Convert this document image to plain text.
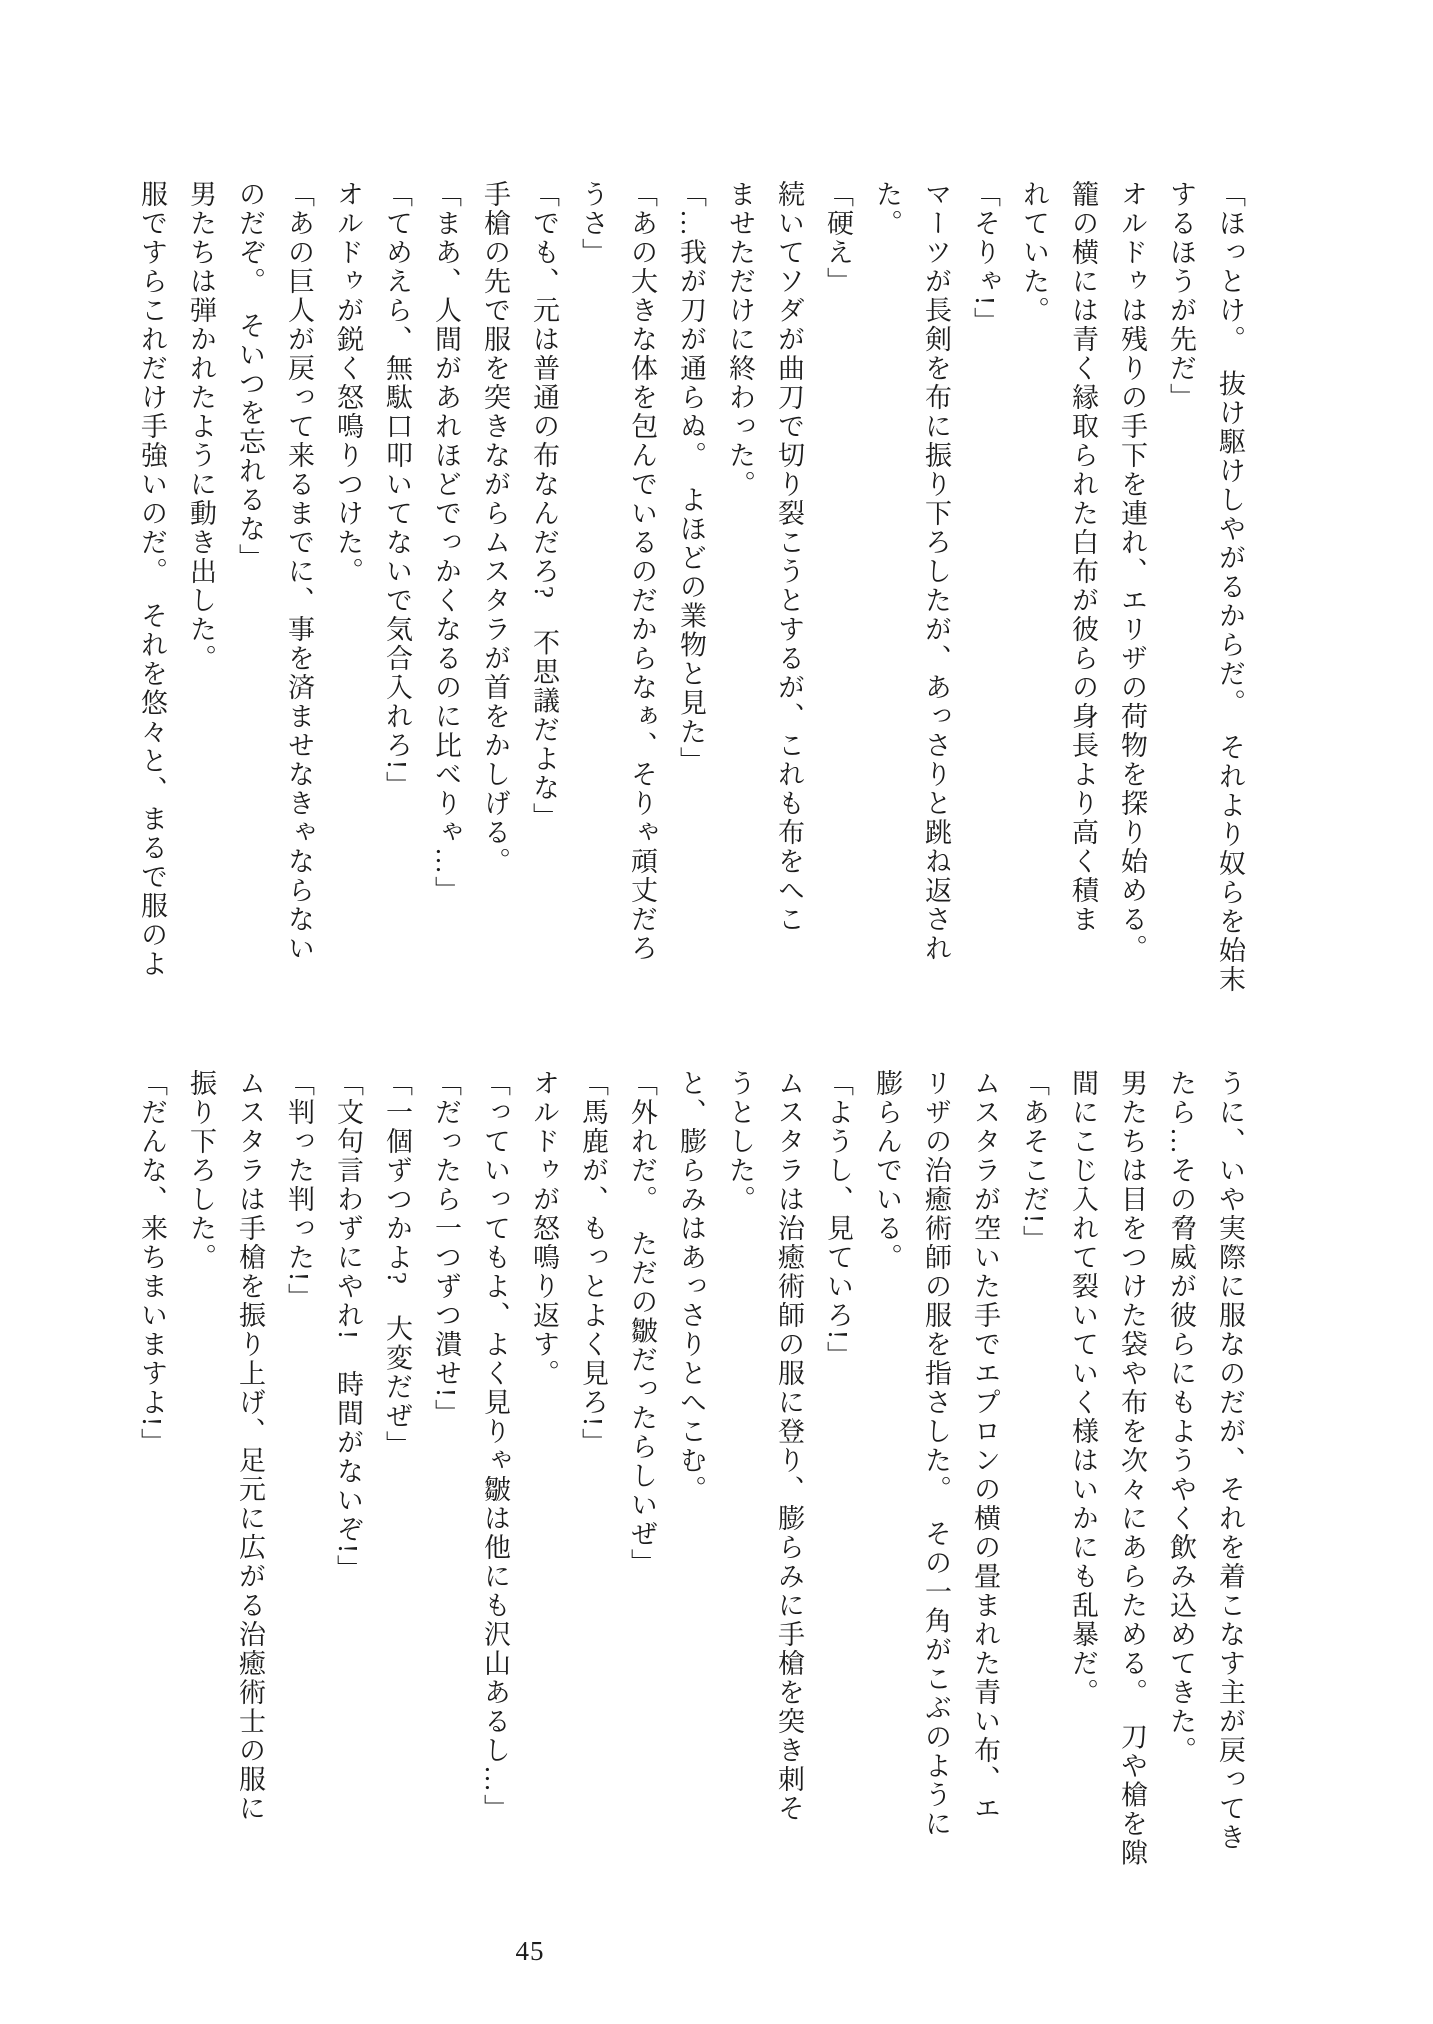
「ほっとけ。　抜け駆けしやがるからだ。　それより奴らを始末

するほうが先だ」

オルドゥは残りの手下を連れ、エリザの荷物を探り始める。

籠の横には青く縁取られた白布が彼らの身長より高く積ま

れていた。

「そりゃ!」

マーツが長剣を布に振り下ろしたが、あっさりと跳ね返され

た。

「硬え」

続いてソダが曲刀で切り裂こうとするが、これも布をへこ

ませただけに終わった。

「…我が刀が通らぬ。　よほどの業物と見た」

「あの大きな体を包んでいるのだからなぁ、そりゃ頑丈だろ

うさ」

「でも、元は普通の布なんだろ?　不思議だよな」

手槍の先で服を突きながらムスタラが首をかしげる。

「まあ、人間があれほどでっかくなるのに比べりゃ…」

「てめえら、無駄口叩いてないで気合入れろ!」

オルドゥが鋭く怒鳴りつけた。

「あの巨人が戻って来るまでに、事を済ませなきゃならない

のだぞ。　そいつを忘れるな」

男たちは弾かれたように動き出した。

服ですらこれだけ手強いのだ。　それを悠々と、まるで服のよ

うに、いや実際に服なのだが、それを着こなす主が戻ってき

たら…その脅威が彼らにもようやく飲み込めてきた。

男たちは目をつけた袋や布を次々にあらためる。　刀や槍を隙

間にこじ入れて裂いていく様はいかにも乱暴だ。

「あそこだ!」

ムスタラが空いた手でエプロンの横の畳まれた青い布、エ

リザの治癒術師の服を指さした。　その一角がこぶのように

膨らんでいる。

「ようし、見ていろ!」

ムスタラは治癒術師の服に登り、膨らみに手槍を突き刺そ

うとした。

と、膨らみはあっさりとへこむ。

「外れだ。　ただの皺だったらしいぜ」

「馬鹿が、もっとよく見ろ!」

オルドゥが怒鳴り返す。

「っていってもよ、よく見りゃ皺は他にも沢山あるし…」

「だったら一つずつ潰せ!」

「一個ずつかよ?　大変だぜ」

「文句言わずにやれ!　時間がないぞ!」

「判った判った!」

ムスタラは手槍を振り上げ、足元に広がる治癒術士の服に

振り下ろした。

「だんな、来ちまいますよ!」

45
